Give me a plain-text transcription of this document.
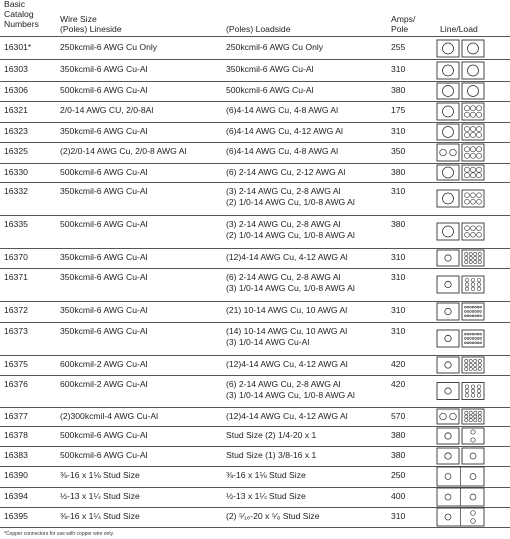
Basic
Catalog
Numbers Wire Size
(Poles) Lineside	(Poles) Loadside
Amps/
Pole	Line/Load
16301*	250kcmil-6 AWG Cu Only	250kcmil-6 AWG Cu Only	255
16303	350kcmil-6 AWG Cu-Al	350kcmil-6 AWG Cu-Al	310
16306	500kcmil-6 AWG Cu-Al	500kcmil-6 AWG Cu-Al	380
16321	2/0-14 AWG CU, 2/0-8Al	(6)4-14 AWG Cu, 4-8 AWG Al	175
16323	350kcmil-6 AWG Cu-Al	(6)4-14 AWG Cu, 4-12 AWG Al	310
16325	(2)2/0-14 AWG Cu, 2/0-8 AWG Al	(6)4-14 AWG Cu, 4-8 AWG Al	350
16330	500kcmil-6 AWG Cu-Al	(6) 2-14 AWG Cu, 2-12 AWG Al	380
16332	350kcmil-6 AWG Cu-Al	(3) 2-14 AWG Cu, 2-8 AWG Al
(2) 1/0-14 AWG Cu, 1/0-8 AWG Al
310
16335	500kcmil-6 AWG Cu-Al	(3) 2-14 AWG Cu, 2-8 AWG Al
(2) 1/0-14 AWG Cu, 1/0-8 AWG Al
380
16370	350kcmil-6 AWG Cu-Al	(12)4-14 AWG Cu, 4-12 AWG Al	310
16371	350kcmil-6 AWG Cu-Al	(6) 2-14 AWG Cu, 2-8 AWG Al
(3) 1/0-14 AWG Cu, 1/0-8 AWG Al
310
16372	350kcmil-6 AWG Cu-Al	(21) 10-14 AWG Cu, 10 AWG Al	310
16373	350kcmil-6 AWG Cu-Al	(14) 10-14 AWG Cu, 10 AWG Al
(3) 1/0-14 AWG Cu-Al
310
16375	600kcmil-2 AWG Cu-Al	(12)4-14 AWG Cu, 4-12 AWG Al	420
16376	600kcmil-2 AWG Cu-Al	(6) 2-14 AWG Cu, 2-8 AWG Al
(3) 1/0-14 AWG Cu, 1/0-8 AWG Al
420
16377	(2)300kcmil-4 AWG Cu-Al	(12)4-14 AWG Cu, 4-12 AWG Al	570
16378	500kcmil-6 AWG Cu-Al	Stud Size (2) 1/4-20 x 1	380
16383	500kcmil-6 AWG Cu-Al	Stud Size (1) 3/8-16 x 1	380
16390	⅜-16 x 1⅛ Stud Size	⅜-16 x 1⅛ Stud Size	250
16394	½-13 x 1¼ Stud Size	½-13 x 1¼ Stud Size	400
16395	⅜-16 x 1¼ Stud Size	(2) ⁵⁄₁₆-20 x ⁵⁄₈ Stud Size	310
*Copper connectors for use with copper wire only.
